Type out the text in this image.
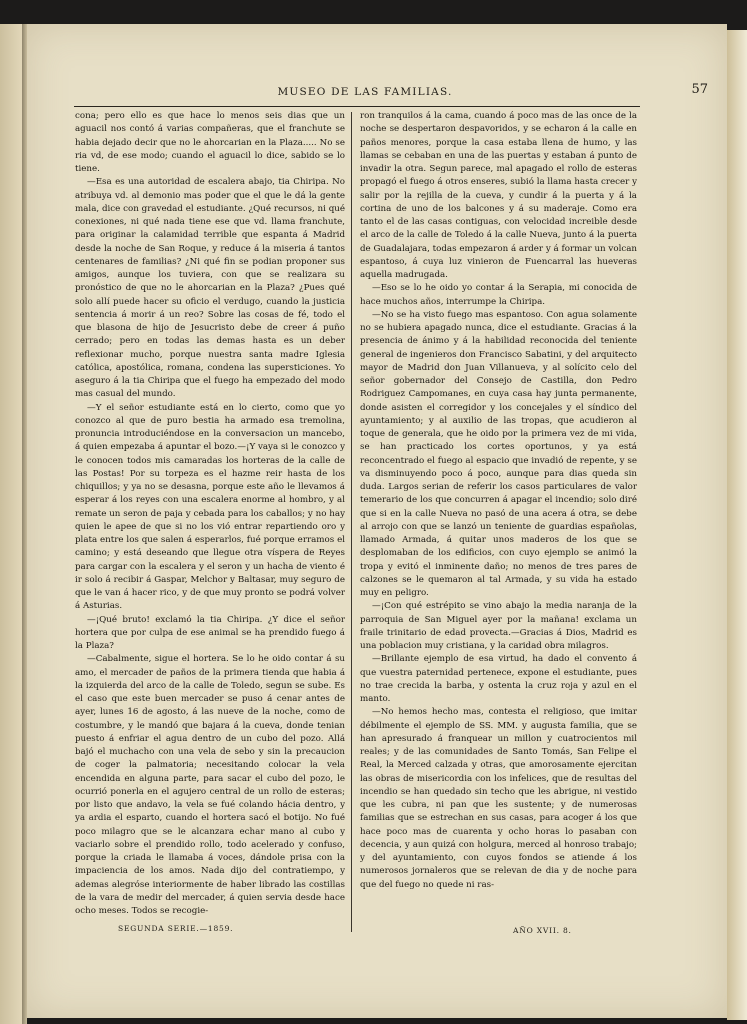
MUSEO DE LAS FAMILIAS.	57

cona; pero ello es que hace lo menos seis dias que un aguacil nos contó á varias compañeras, que el franchute se habia dejado decir que no le ahorcarian en la Plaza..... No se ria vd, de ese modo; cuando el aguacil lo dice, sabido se lo tiene.

—Esa es una autoridad de escalera abajo, tia Chiripa. No atribuya vd. al demonio mas poder que el que le dá la gente mala, dice con gravedad el estudiante. ¿Qué recursos, ni qué conexiones, ni qué nada tiene ese que vd. llama franchute, para originar la calamidad terrible que espanta á Madrid desde la noche de San Roque, y reduce á la miseria á tantos centenares de familias? ¿Ni qué fin se podian proponer sus amigos, aunque los tuviera, con que se realizara su pronóstico de que no le ahorcarian en la Plaza? ¿Pues qué solo allí puede hacer su oficio el verdugo, cuando la justicia sentencia á morir á un reo? Sobre las cosas de fé, todo el que blasona de hijo de Jesucristo debe de creer á puño cerrado; pero en todas las demas hasta es un deber reflexionar mucho, porque nuestra santa madre Iglesia católica, apostólica, romana, condena las supersticiones. Yo aseguro á la tia Chiripa que el fuego ha empezado del modo mas casual del mundo.

—Y el señor estudiante está en lo cierto, como que yo conozco al que de puro bestia ha armado esa tremolina, pronuncia introduciéndose en la conversacion un mancebo, á quien empezaba á apuntar el bozo.—¡Y vaya si le conozco y le conocen todos mis camaradas los horteras de la calle de las Postas! Por su torpeza es el hazme reir hasta de los chiquillos; y ya no se desasna, porque este año le llevamos á esperar á los reyes con una escalera enorme al hombro, y al remate un seron de paja y cebada para los caballos; y no hay quien le apee de que si no los vió entrar repartiendo oro y plata entre los que salen á esperarlos, fué porque erramos el camino; y está deseando que llegue otra víspera de Reyes para cargar con la escalera y el seron y un hacha de viento é ir solo á recibir á Gaspar, Melchor y Baltasar, muy seguro de que le van á hacer rico, y de que muy pronto se podrá volver á Asturias.

—¡Qué bruto! exclamó la tia Chiripa. ¿Y dice el señor hortera que por culpa de ese animal se ha prendido fuego á la Plaza?

—Cabalmente, sigue el hortera. Se lo he oido contar á su amo, el mercader de paños de la primera tienda que habia á la izquierda del arco de la calle de Toledo, segun se sube. Es el caso que este buen mercader se puso á cenar antes de ayer, lunes 16 de agosto, á las nueve de la noche, como de costumbre, y le mandó que bajara á la cueva, donde tenian puesto á enfriar el agua dentro de un cubo del pozo. Allá bajó el muchacho con una vela de sebo y sin la precaucion de coger la palmatoria; necesitando colocar la vela encendida en alguna parte, para sacar el cubo del pozo, le ocurrió ponerla en el agujero central de un rollo de esteras; por listo que andavo, la vela se fué colando hácia dentro, y ya ardia el esparto, cuando el hortera sacó el botijo. No fué poco milagro que se le alcanzara echar mano al cubo y vaciarlo sobre el prendido rollo, todo acelerado y confuso, porque la criada le llamaba á voces, dándole prisa con la impaciencia de los amos. Nada dijo del contratiempo, y ademas alegróse interiormente de haber librado las costillas de la vara de medir del mercader, á quien servia desde hace ocho meses. Todos se recogie-

ron tranquilos á la cama, cuando á poco mas de las once de la noche se despertaron despavoridos, y se echaron á la calle en paños menores, porque la casa estaba llena de humo, y las llamas se cebaban en una de las puertas y estaban á punto de invadir la otra. Segun parece, mal apagado el rollo de esteras propagó el fuego á otros enseres, subió la llama hasta crecer y salir por la rejilla de la cueva, y cundir á la puerta y á la cortina de uno de los balcones y á su maderaje. Como era tanto el de las casas contiguas, con velocidad increible desde el arco de la calle de Toledo á la calle Nueva, junto á la puerta de Guadalajara, todas empezaron á arder y á formar un volcan espantoso, á cuya luz vinieron de Fuencarral las hueveras aquella madrugada.

—Eso se lo he oido yo contar á la Serapia, mi conocida de hace muchos años, interrumpe la Chiripa.

—No se ha visto fuego mas espantoso. Con agua solamente no se hubiera apagado nunca, dice el estudiante. Gracias á la presencia de ánimo y á la habilidad reconocida del teniente general de ingenieros don Francisco Sabatini, y del arquitecto mayor de Madrid don Juan Villanueva, y al solícito celo del señor gobernador del Consejo de Castilla, don Pedro Rodriguez Campomanes, en cuya casa hay junta permanente, donde asisten el corregidor y los concejales y el síndico del ayuntamiento; y al auxilio de las tropas, que acudieron al toque de generala, que he oido por la primera vez de mi vida, se han practicado los cortes oportunos, y ya está reconcentrado el fuego al espacio que invadió de repente, y se va disminuyendo poco á poco, aunque para dias queda sin duda. Largos serian de referir los casos particulares de valor temerario de los que concurren á apagar el incendio; solo diré que si en la calle Nueva no pasó de una acera á otra, se debe al arrojo con que se lanzó un teniente de guardias españolas, llamado Armada, á quitar unos maderos de los que se desplomaban de los edificios, con cuyo ejemplo se animó la tropa y evitó el inminente daño; no menos de tres pares de calzones se le quemaron al tal Armada, y su vida ha estado muy en peligro.

—¡Con qué estrépito se vino abajo la media naranja de la parroquia de San Miguel ayer por la mañana! exclama un fraile trinitario de edad provecta.—Gracias á Dios, Madrid es una poblacion muy cristiana, y la caridad obra milagros.

—Brillante ejemplo de esa virtud, ha dado el convento á que vuestra paternidad pertenece, expone el estudiante, pues no trae crecida la barba, y ostenta la cruz roja y azul en el manto.

—No hemos hecho mas, contesta el religioso, que imitar débilmente el ejemplo de SS. MM. y augusta familia, que se han apresurado á franquear un millon y cuatrocientos mil reales; y de las comunidades de Santo Tomás, San Felipe el Real, la Merced calzada y otras, que amorosamente ejercitan las obras de misericordia con los infelices, que de resultas del incendio se han quedado sin techo que les abrigue, ni vestido que les cubra, ni pan que les sustente; y de numerosas familias que se estrechan en sus casas, para acoger á los que hace poco mas de cuarenta y ocho horas lo pasaban con decencia, y aun quizá con holgura, merced al honroso trabajo; y del ayuntamiento, con cuyos fondos se atiende á los numerosos jornaleros que se relevan de dia y de noche para que del fuego no quede ni ras-

SEGUNDA SERIE.—1859.	AÑO XVII. 8.
